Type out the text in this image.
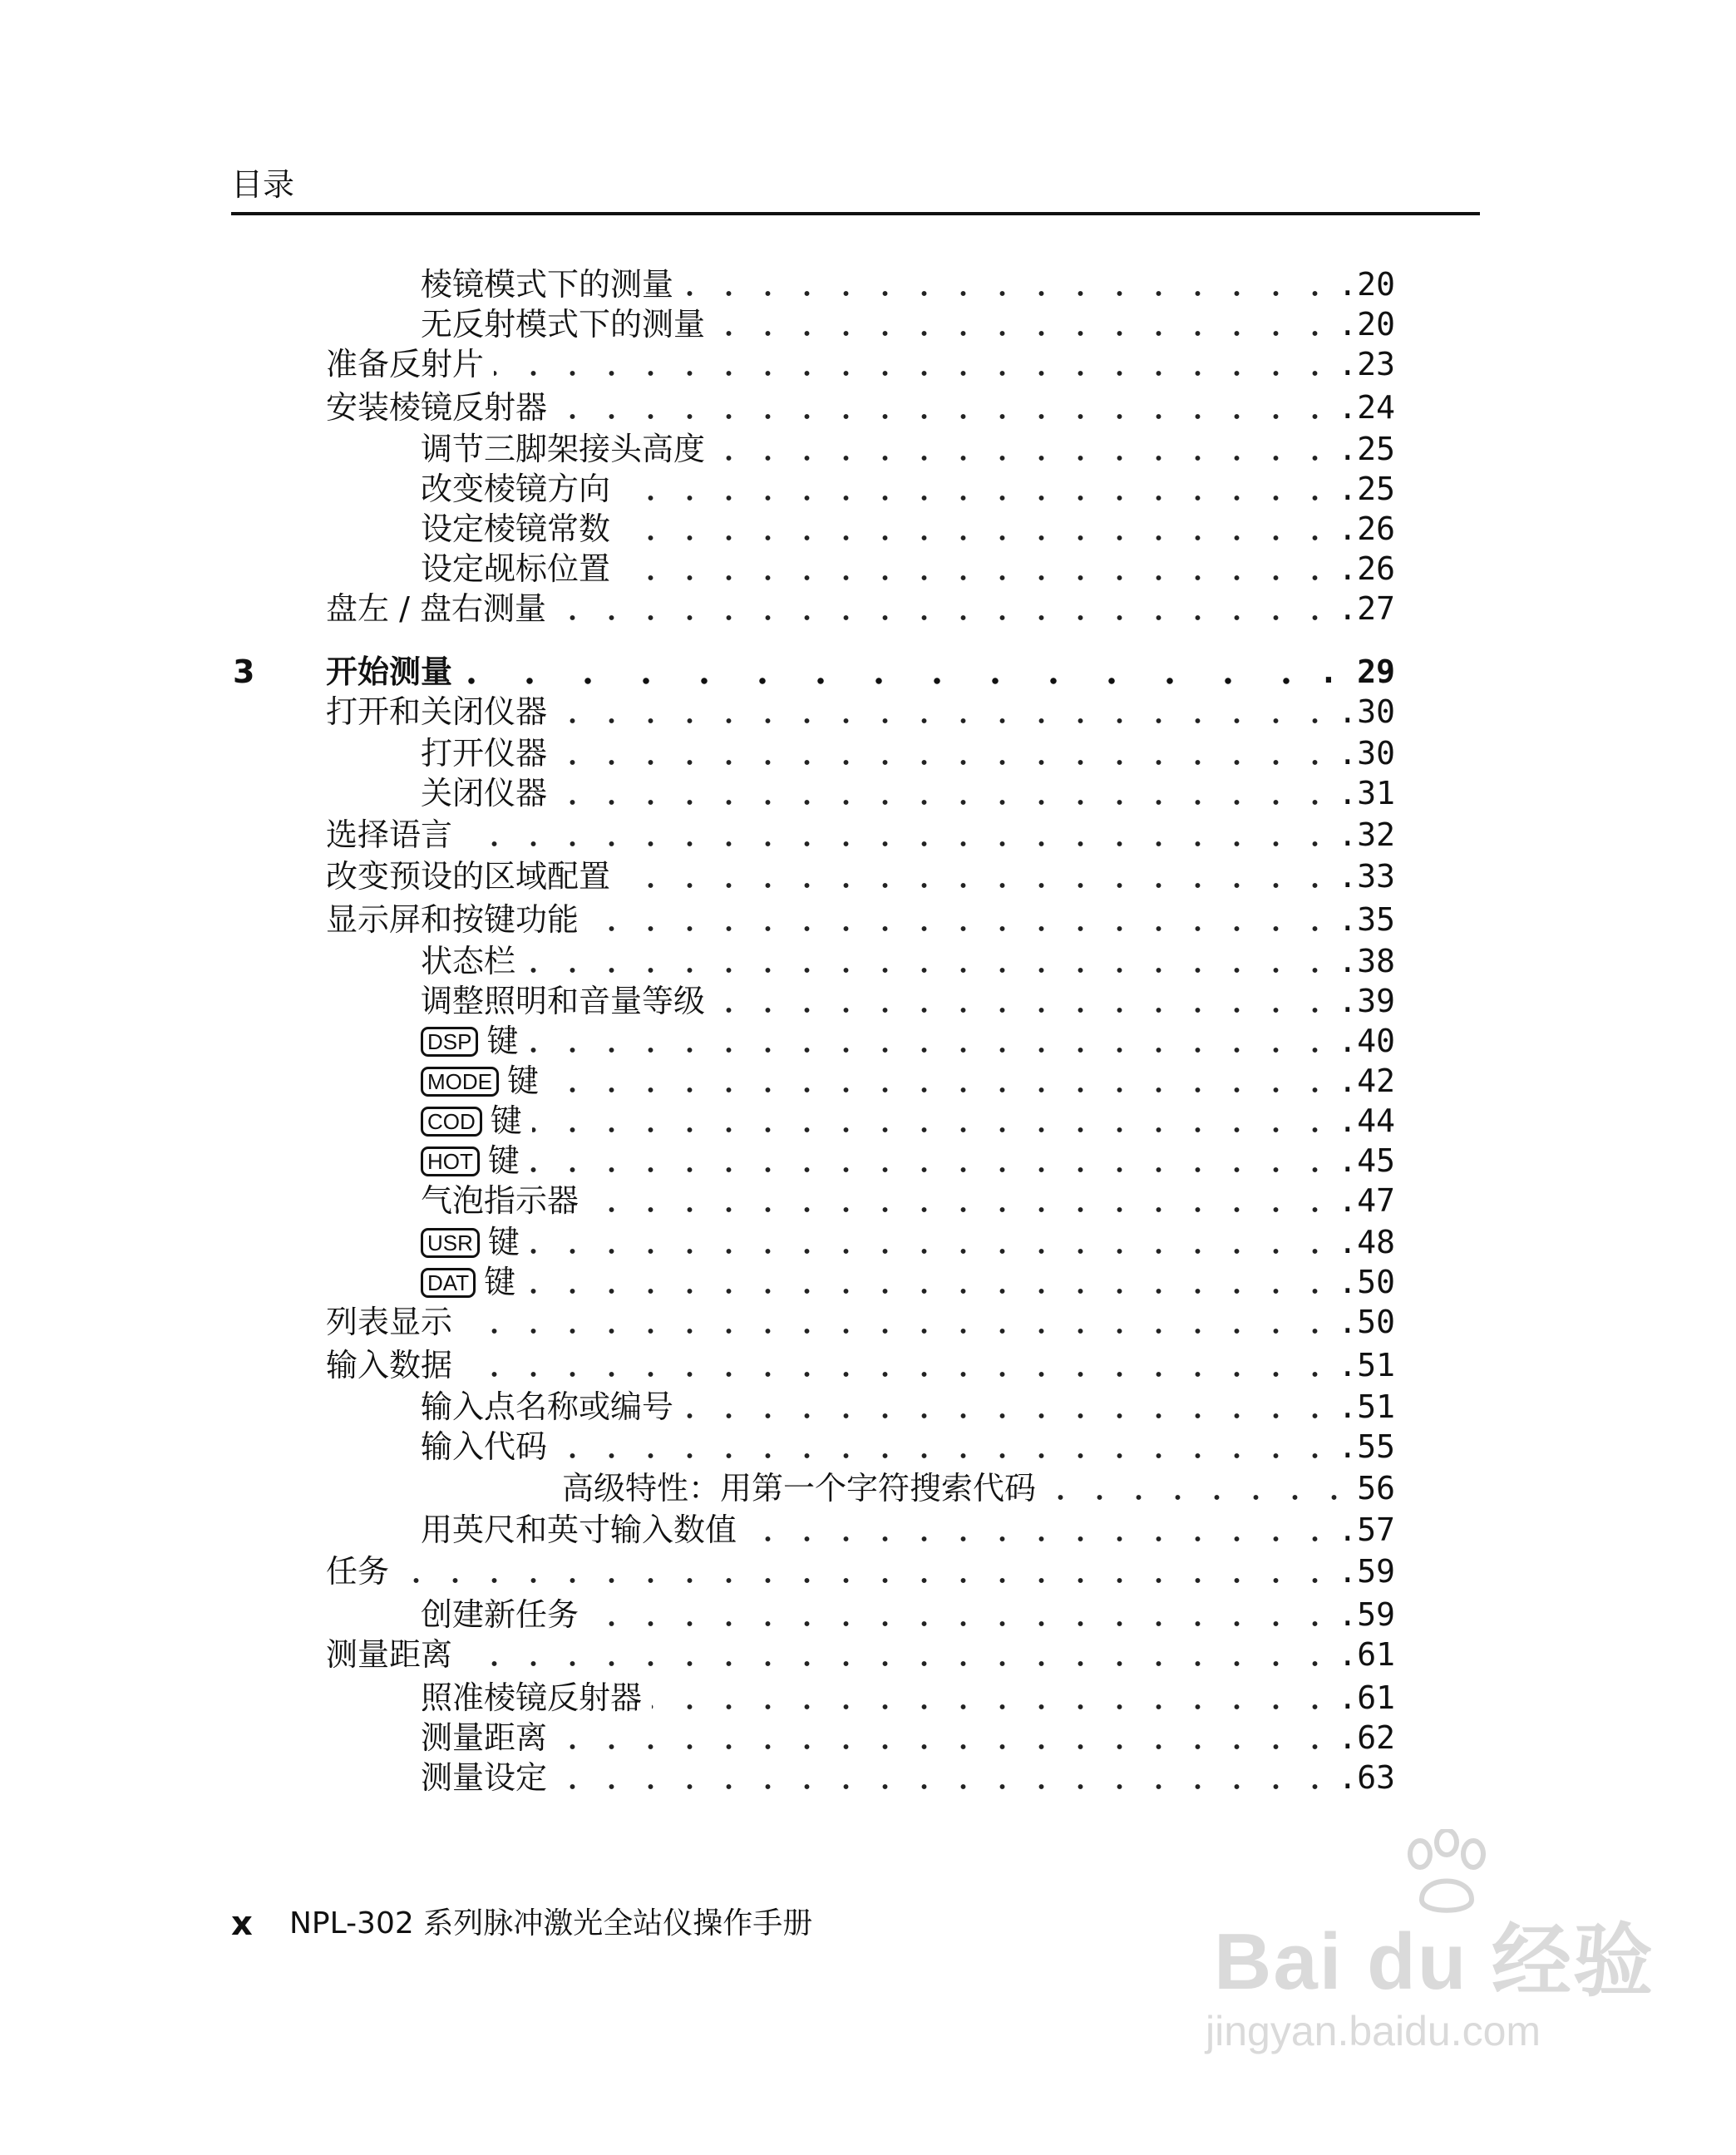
目录
棱镜模式下的测量	.20
无反射模式下的测量	.20
准备反射片	.23
安装棱镜反射器	.24
调节三脚架接头高度	.25
改变棱镜方向	.25
设定棱镜常数	.26
设定觇标位置	.26
盘左 / 盘右测量	.27
3 开始测量	. 29
打开和关闭仪器	.30
打开仪器	.30
关闭仪器	.31
选择语言	.32
改变预设的区域配置	.33
显示屏和按键功能	.35
状态栏	.38
调整照明和音量等级	.39
DSP 键	.40
MODE 键	.42
COD 键	.44
HOT 键	.45
气泡指示器	.47
USR 键	.48
DAT 键	.50
列表显示	.50
输入数据	.51
输入点名称或编号	.51
输入代码	.55
高级特性：用第一个字符搜索代码	56
用英尺和英寸输入数值	.57
任务	.59
创建新任务	.59
测量距离	.61
照准棱镜反射器	.61
测量距离	.62
测量设定	.63
x NPL-302 系列脉冲激光全站仪操作手册	Bai du 经验
jingyan.baidu.com
